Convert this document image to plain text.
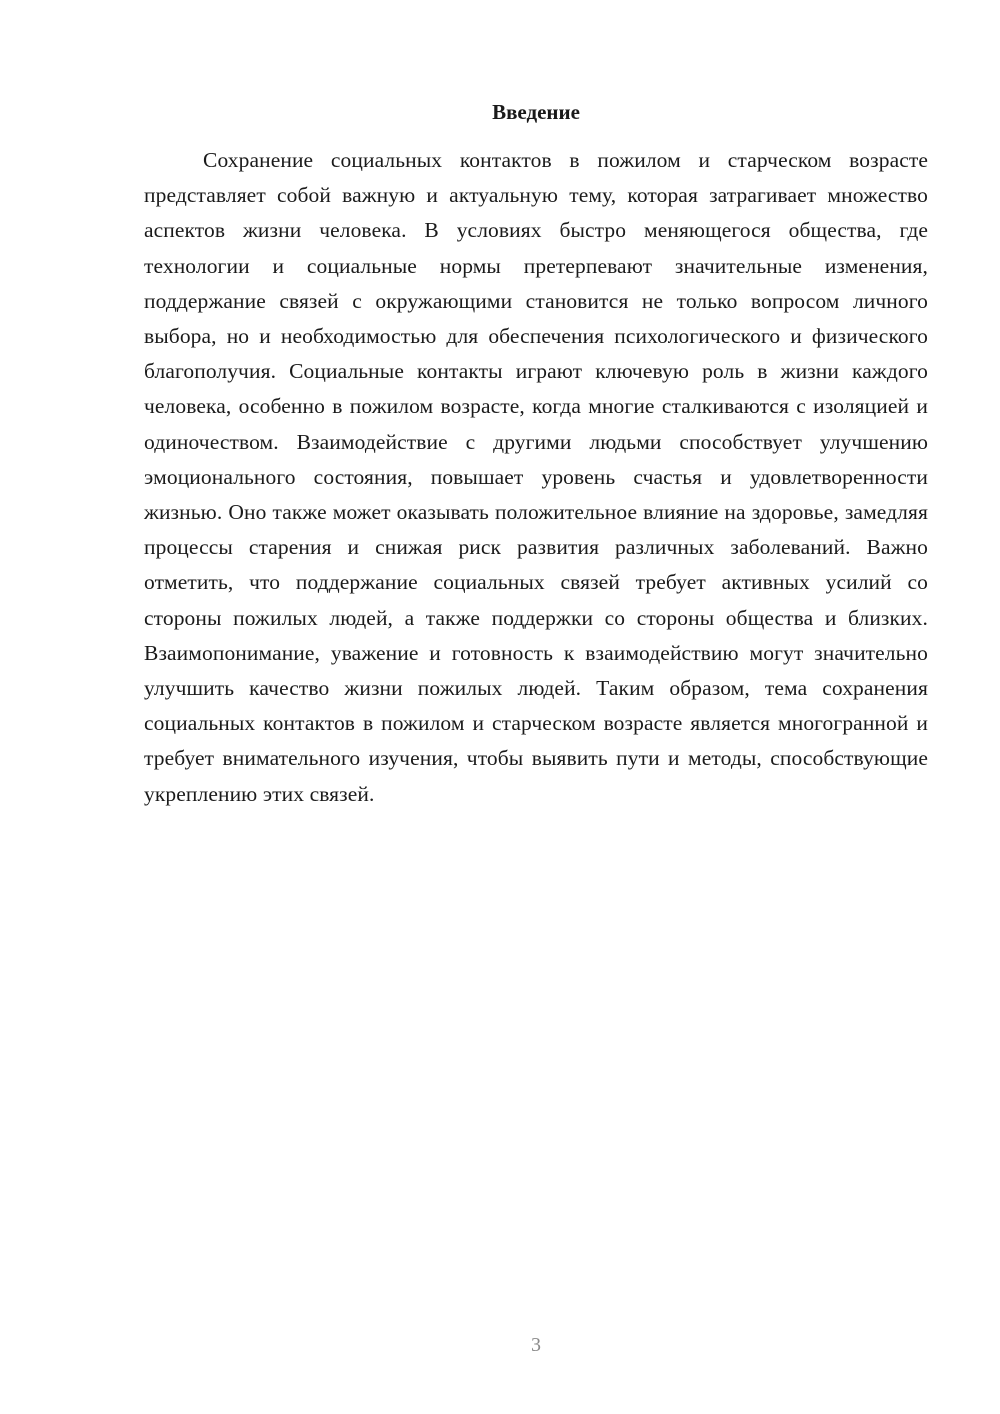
Введение

Сохранение социальных контактов в пожилом и старческом возрасте представляет собой важную и актуальную тему, которая затрагивает множество аспектов жизни человека. В условиях быстро меняющегося общества, где технологии и социальные нормы претерпевают значительные изменения, поддержание связей с окружающими становится не только вопросом личного выбора, но и необходимостью для обеспечения психологического и физического благополучия. Социальные контакты играют ключевую роль в жизни каждого человека, особенно в пожилом возрасте, когда многие сталкиваются с изоляцией и одиночеством. Взаимодействие с другими людьми способствует улучшению эмоционального состояния, повышает уровень счастья и удовлетворенности жизнью. Оно также может оказывать положительное влияние на здоровье, замедляя процессы старения и снижая риск развития различных заболеваний. Важно отметить, что поддержание социальных связей требует активных усилий со стороны пожилых людей, а также поддержки со стороны общества и близких. Взаимопонимание, уважение и готовность к взаимодействию могут значительно улучшить качество жизни пожилых людей. Таким образом, тема сохранения социальных контактов в пожилом и старческом возрасте является многогранной и требует внимательного изучения, чтобы выявить пути и методы, способствующие укреплению этих связей.

3
